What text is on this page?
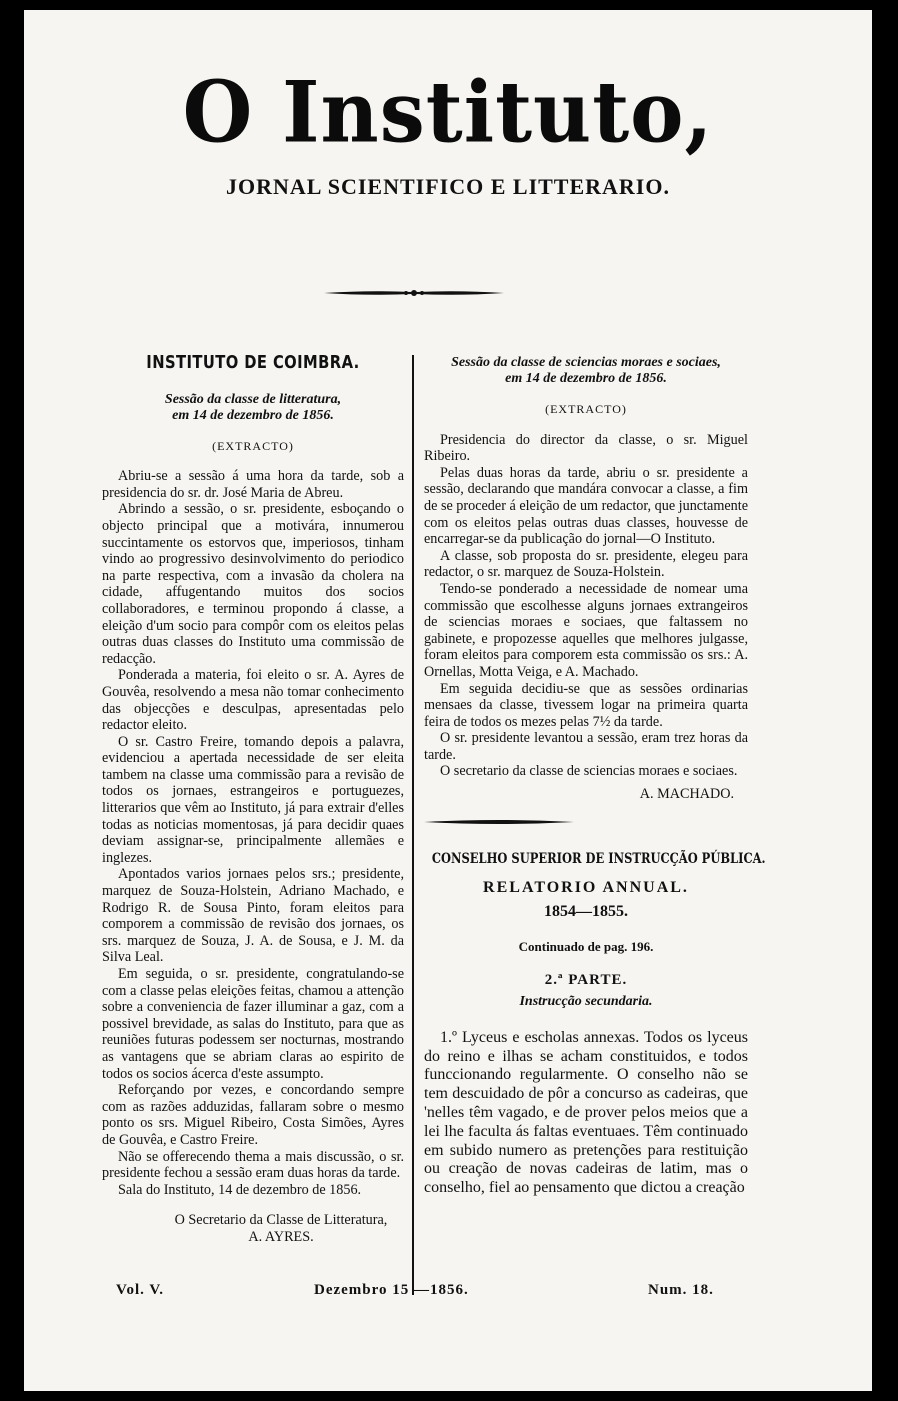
O Instituto,
JORNAL SCIENTIFICO E LITTERARIO.
INSTITUTO DE COIMBRA.
Sessão da classe de litteratura,
em 14 de dezembro de 1856.
(EXTRACTO)

Abriu-se a sessão á uma hora da tarde, sob a presidencia do sr. dr. José Maria de Abreu.

Abrindo a sessão, o sr. presidente, esboçando o objecto principal que a motivára, innumerou succintamente os estorvos que, imperiosos, tinham vindo ao progressivo desinvolvimento do periodico na parte respectiva, com a invasão da cholera na cidade, affugentando muitos dos socios collaboradores, e terminou propondo á classe, a eleição d'um socio para compôr com os eleitos pelas outras duas classes do Instituto uma commissão de redacção.

Ponderada a materia, foi eleito o sr. A. Ayres de Gouvêa, resolvendo a mesa não tomar conhecimento das objecções e desculpas, apresentadas pelo redactor eleito.

O sr. Castro Freire, tomando depois a palavra, evidenciou a apertada necessidade de ser eleita tambem na classe uma commissão para a revisão de todos os jornaes, estrangeiros e portuguezes, litterarios que vêm ao Instituto, já para extrair d'elles todas as noticias momentosas, já para decidir quaes deviam assignar-se, principalmente allemães e inglezes.

Apontados varios jornaes pelos srs.; presidente, marquez de Souza-Holstein, Adriano Machado, e Rodrigo R. de Sousa Pinto, foram eleitos para comporem a commissão de revisão dos jornaes, os srs. marquez de Souza, J. A. de Sousa, e J. M. da Silva Leal.

Em seguida, o sr. presidente, congratulando-se com a classe pelas eleições feitas, chamou a attenção sobre a conveniencia de fazer illuminar a gaz, com a possivel brevidade, as salas do Instituto, para que as reuniões futuras podessem ser nocturnas, mostrando as vantagens que se abriam claras ao espirito de todos os socios ácerca d'este assumpto.

Reforçando por vezes, e concordando sempre com as razões adduzidas, fallaram sobre o mesmo ponto os srs. Miguel Ribeiro, Costa Simões, Ayres de Gouvêa, e Castro Freire.

Não se offerecendo thema a mais discussão, o sr. presidente fechou a sessão eram duas horas da tarde.

Sala do Instituto, 14 de dezembro de 1856.

O Secretario da Classe de Litteratura,

A. AYRES.

Sessão da classe de sciencias moraes e sociaes,
em 14 de dezembro de 1856.
(EXTRACTO)

Presidencia do director da classe, o sr. Miguel Ribeiro.

Pelas duas horas da tarde, abriu o sr. presidente a sessão, declarando que mandára convocar a classe, a fim de se proceder á eleição de um redactor, que junctamente com os eleitos pelas outras duas classes, houvesse de encarregar-se da publicação do jornal—O Instituto.

A classe, sob proposta do sr. presidente, elegeu para redactor, o sr. marquez de Souza-Holstein.

Tendo-se ponderado a necessidade de nomear uma commissão que escolhesse alguns jornaes extrangeiros de sciencias moraes e sociaes, que faltassem no gabinete, e propozesse aquelles que melhores julgasse, foram eleitos para comporem esta commissão os srs.: A. Ornellas, Motta Veiga, e A. Machado.

Em seguida decidiu-se que as sessões ordinarias mensaes da classe, tivessem logar na primeira quarta feira de todos os mezes pelas 7½ da tarde.

O sr. presidente levantou a sessão, eram trez horas da tarde.

O secretario da classe de sciencias moraes e sociaes.

A. MACHADO.

CONSELHO SUPERIOR DE INSTRUCÇÃO PÚBLICA.
RELATORIO ANNUAL.
1854—1855.
Continuado de pag. 196.
2.ª PARTE.
Instrucção secundaria.

1.º Lyceus e escholas annexas. Todos os lyceus do reino e ilhas se acham constituidos, e todos funccionando regularmente. O conselho não se tem descuidado de pôr a concurso as cadeiras, que 'nelles têm vagado, e de prover pelos meios que a lei lhe faculta ás faltas eventuaes. Têm continuado em subido numero as pretenções para restituição ou creação de novas cadeiras de latim, mas o conselho, fiel ao pensamento que dictou a creação

Vol. V.	Dezembro 15 —1856.	Num. 18.
